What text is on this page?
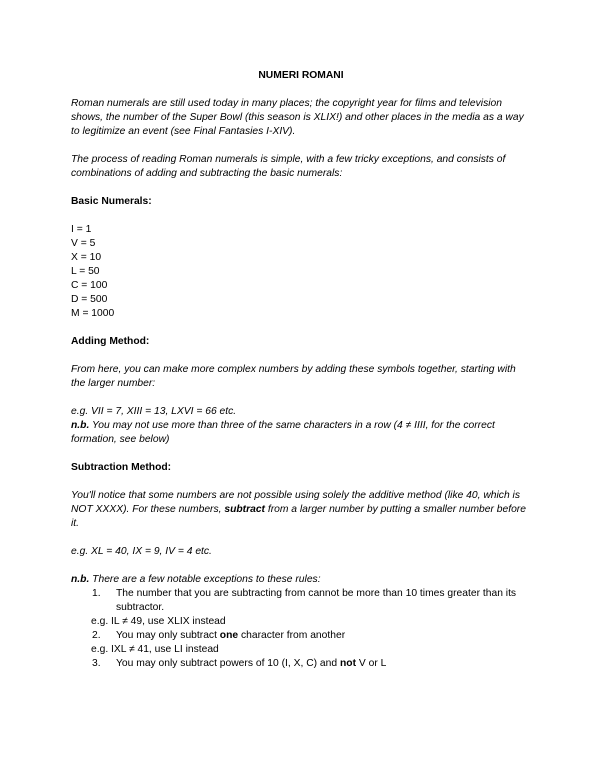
NUMERI ROMANI

Roman numerals are still used today in many places; the copyright year for films and television shows, the number of the Super Bowl (this season is XLIX!) and other places in the media as a way to legitimize an event (see Final Fantasies I-XIV).

The process of reading Roman numerals is simple, with a few tricky exceptions, and consists of combinations of adding and subtracting the basic numerals:

Basic Numerals:

I = 1
V = 5
X = 10
L = 50
C = 100
D = 500
M = 1000

Adding Method:

From here, you can make more complex numbers by adding these symbols together, starting with the larger number:

e.g. VII = 7, XIII = 13, LXVI = 66 etc.

n.b. You may not use more than three of the same characters in a row (4 ≠ IIII, for the correct formation, see below)

Subtraction Method:

You'll notice that some numbers are not possible using solely the additive method (like 40, which is NOT XXXX). For these numbers, subtract from a larger number by putting a smaller number before it.

e.g. XL = 40, IX = 9, IV = 4 etc.

n.b. There are a few notable exceptions to these rules:

1. The number that you are subtracting from cannot be more than 10 times greater than its subtractor.
e.g. IL ≠ 49, use XLIX instead
2. You may only subtract one character from another
e.g. IXL ≠ 41, use LI instead
3. You may only subtract powers of 10 (I, X, C) and not V or L
